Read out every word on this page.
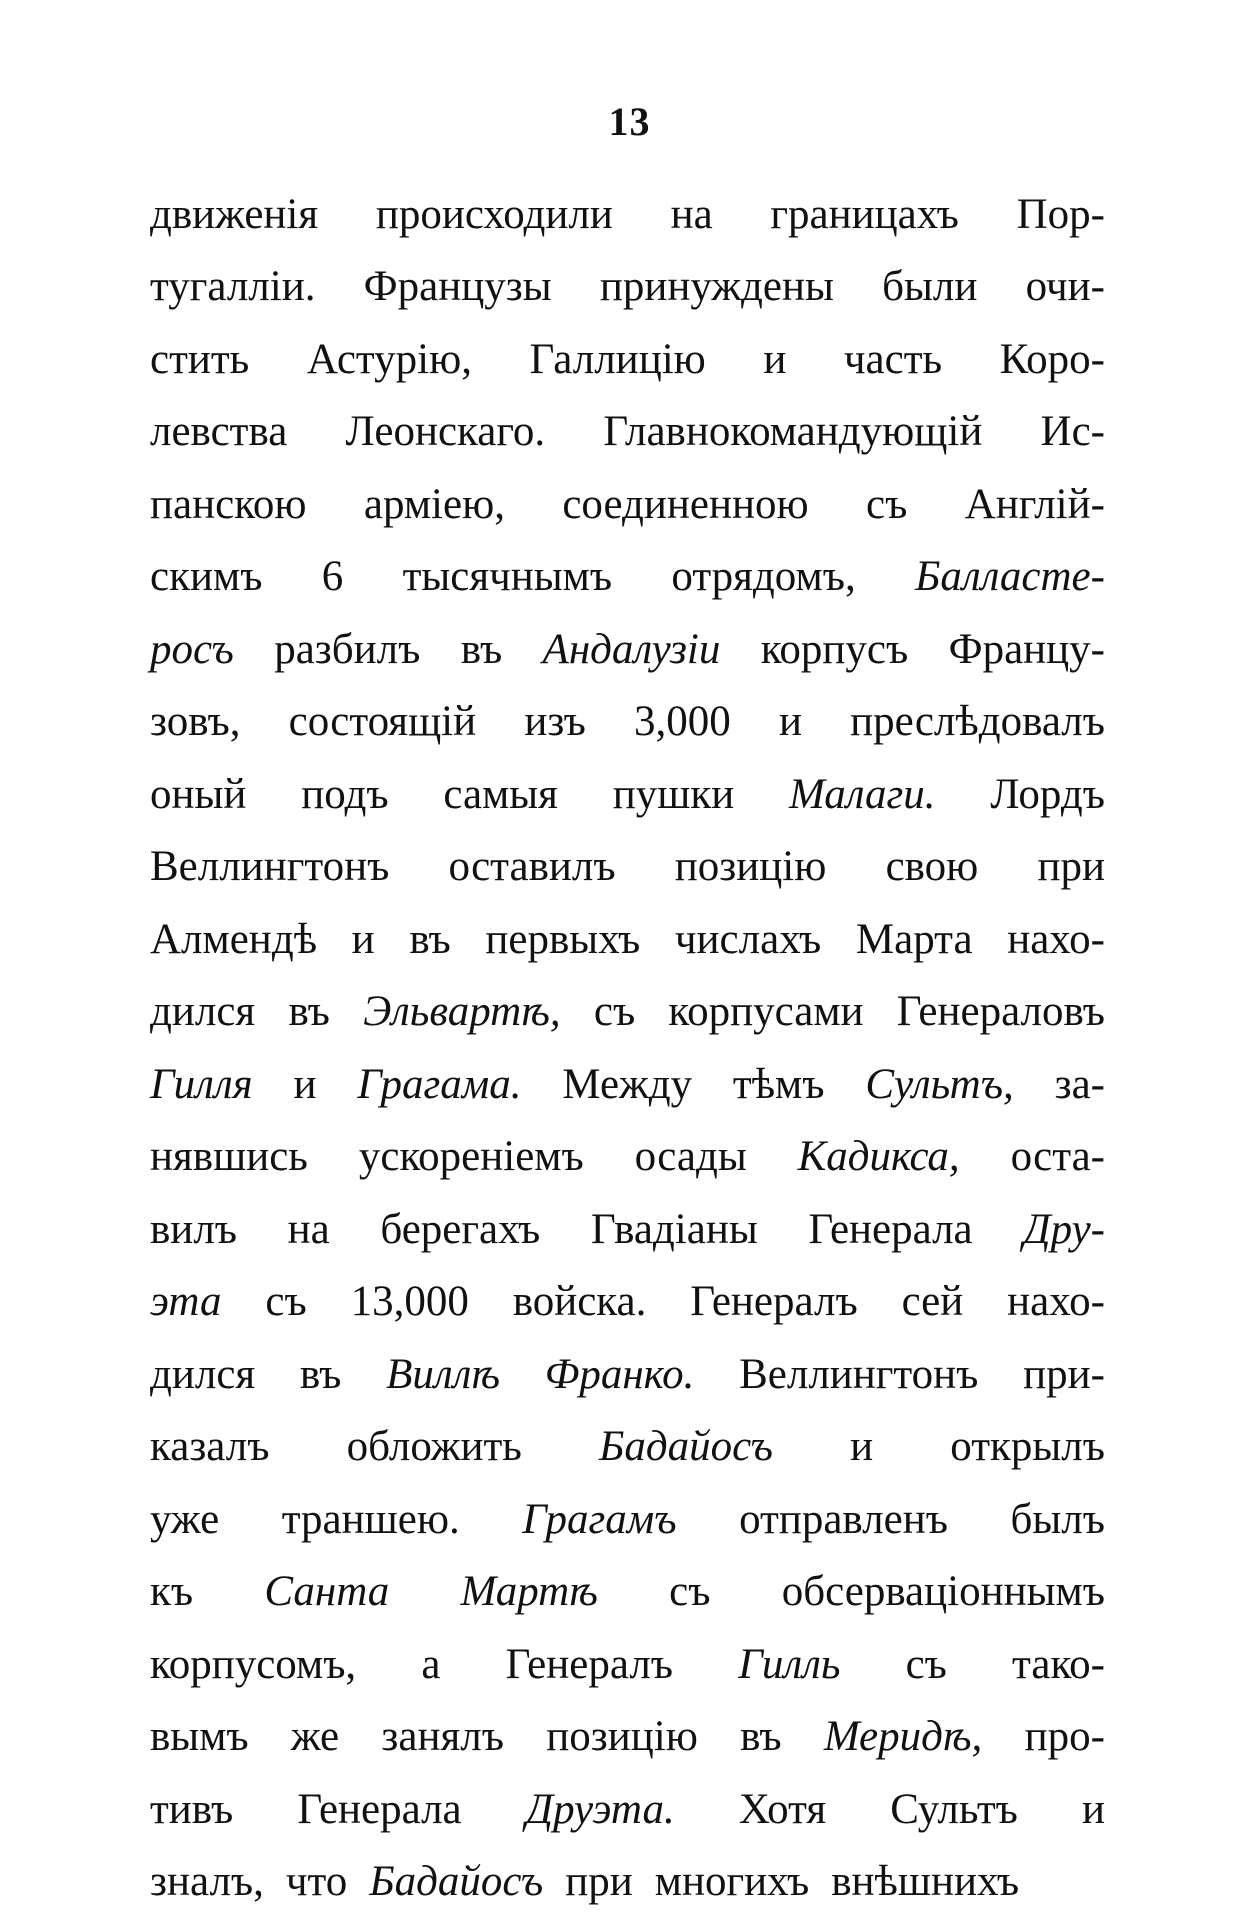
13
движенія происходили на границахъ Пор-
тугалліи. Французы принуждены были очи-
стить Астурію, Галлицію и часть Коро-
левства Леонскаго. Главнокомандующій Ис-
панскою арміею, соединенною съ Англій-
скимъ 6 тысячнымъ отрядомъ, Балласте-
росъ разбилъ въ Андалузіи корпусъ Францу-
зовъ, состоящій изъ 3,000 и преслѣдовалъ
оный подъ самыя пушки Малаги. Лордъ
Веллингтонъ оставилъ позицію свою при
Алмендѣ и въ первыхъ числахъ Марта нахо-
дился въ Эльвартѣ, съ корпусами Генераловъ
Гилля и Грагама. Между тѣмъ Сультъ, за-
нявшись ускореніемъ осады Кадикса, оста-
вилъ на берегахъ Гвадіаны Генерала Дру-
эта съ 13,000 войска. Генералъ сей нахо-
дился въ Виллѣ Франко. Веллингтонъ при-
казалъ обложить Бадайосъ и открылъ
уже траншею. Грагамъ отправленъ былъ
къ Санта Мартѣ съ обсерваціоннымъ
корпусомъ, а Генералъ Гилль съ тако-
вымъ же занялъ позицію въ Меридѣ, про-
тивъ Генерала Друэта. Хотя Сультъ и
зналъ, что Бадайосъ при многихъ внѣшнихъ
